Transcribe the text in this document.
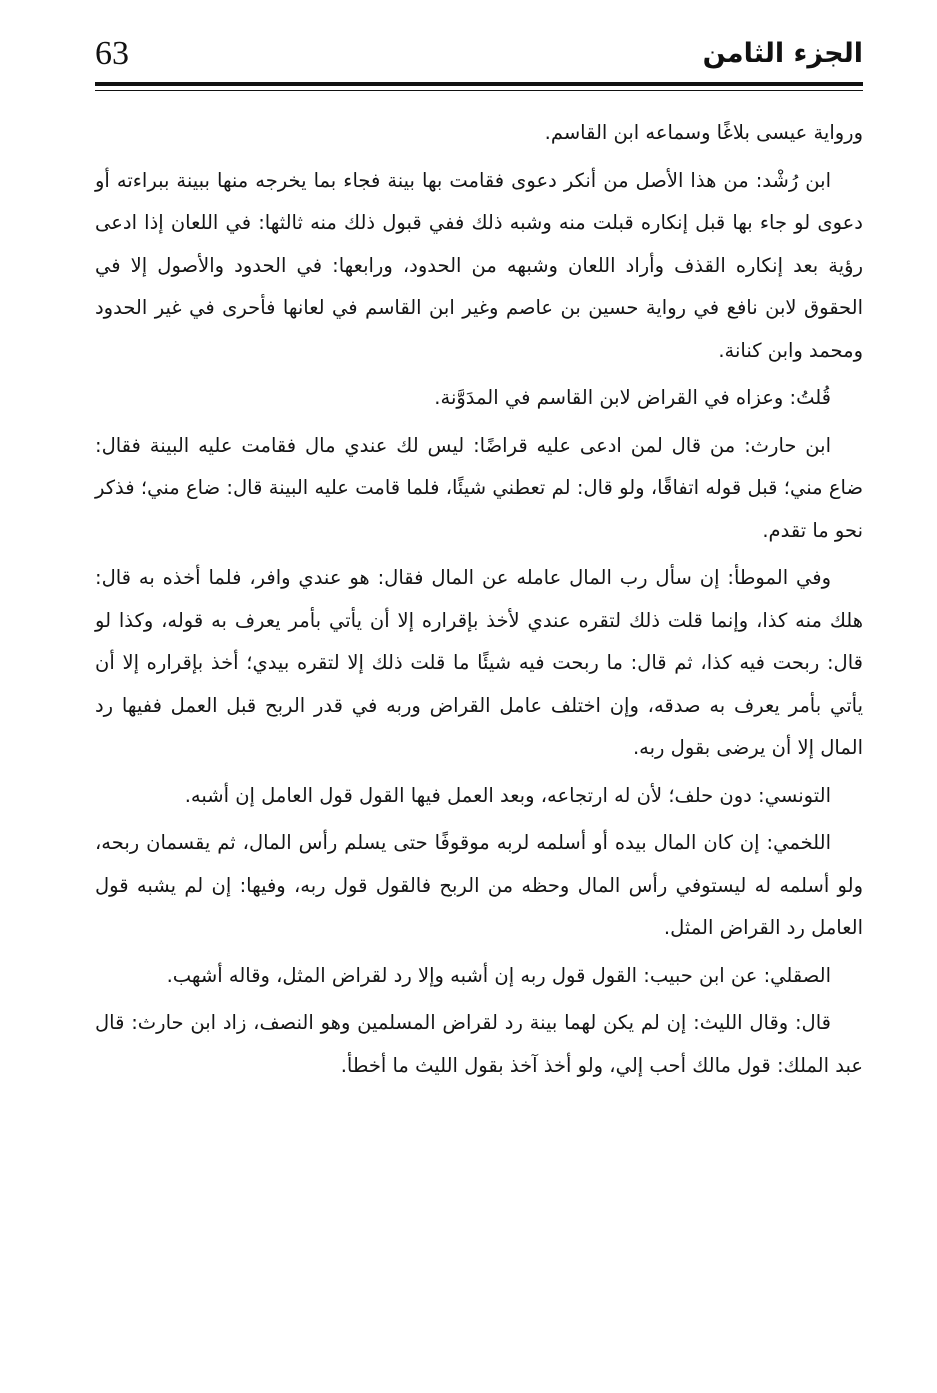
63	الجزء الثامن

ورواية عيسى بلاغًا وسماعه ابن القاسم.

ابن رُشْد: من هذا الأصل من أنكر دعوى فقامت بها بينة فجاء بما يخرجه منها ببينة ببراءته أو دعوى لو جاء بها قبل إنكاره قبلت منه وشبه ذلك ففي قبول ذلك منه ثالثها: في اللعان إذا ادعى رؤية بعد إنكاره القذف وأراد اللعان وشبهه من الحدود، ورابعها: في الحدود والأصول إلا في الحقوق لابن نافع في رواية حسين بن عاصم وغير ابن القاسم في لعانها فأحرى في غير الحدود ومحمد وابن كنانة.

قُلتُ: وعزاه في القراض لابن القاسم في المدَوَّنة.

ابن حارث: من قال لمن ادعى عليه قراضًا: ليس لك عندي مال فقامت عليه البينة فقال: ضاع مني؛ قبل قوله اتفاقًا، ولو قال: لم تعطني شيئًا، فلما قامت عليه البينة قال: ضاع مني؛ فذكر نحو ما تقدم.

وفي الموطأ: إن سأل رب المال عامله عن المال فقال: هو عندي وافر، فلما أخذه به قال: هلك منه كذا، وإنما قلت ذلك لتقره عندي لأخذ بإقراره إلا أن يأتي بأمر يعرف به قوله، وكذا لو قال: ربحت فيه كذا، ثم قال: ما ربحت فيه شيئًا ما قلت ذلك إلا لتقره بيدي؛ أخذ بإقراره إلا أن يأتي بأمر يعرف به صدقه، وإن اختلف عامل القراض وربه في قدر الربح قبل العمل ففيها رد المال إلا أن يرضى بقول ربه.

التونسي: دون حلف؛ لأن له ارتجاعه، وبعد العمل فيها القول قول العامل إن أشبه.

اللخمي: إن كان المال بيده أو أسلمه لربه موقوفًا حتى يسلم رأس المال، ثم يقسمان ربحه، ولو أسلمه له ليستوفي رأس المال وحظه من الربح فالقول قول ربه، وفيها: إن لم يشبه قول العامل رد القراض المثل.

الصقلي: عن ابن حبيب: القول قول ربه إن أشبه وإلا رد لقراض المثل، وقاله أشهب.

قال: وقال الليث: إن لم يكن لهما بينة رد لقراض المسلمين وهو النصف، زاد ابن حارث: قال عبد الملك: قول مالك أحب إلي، ولو أخذ آخذ بقول الليث ما أخطأ.
